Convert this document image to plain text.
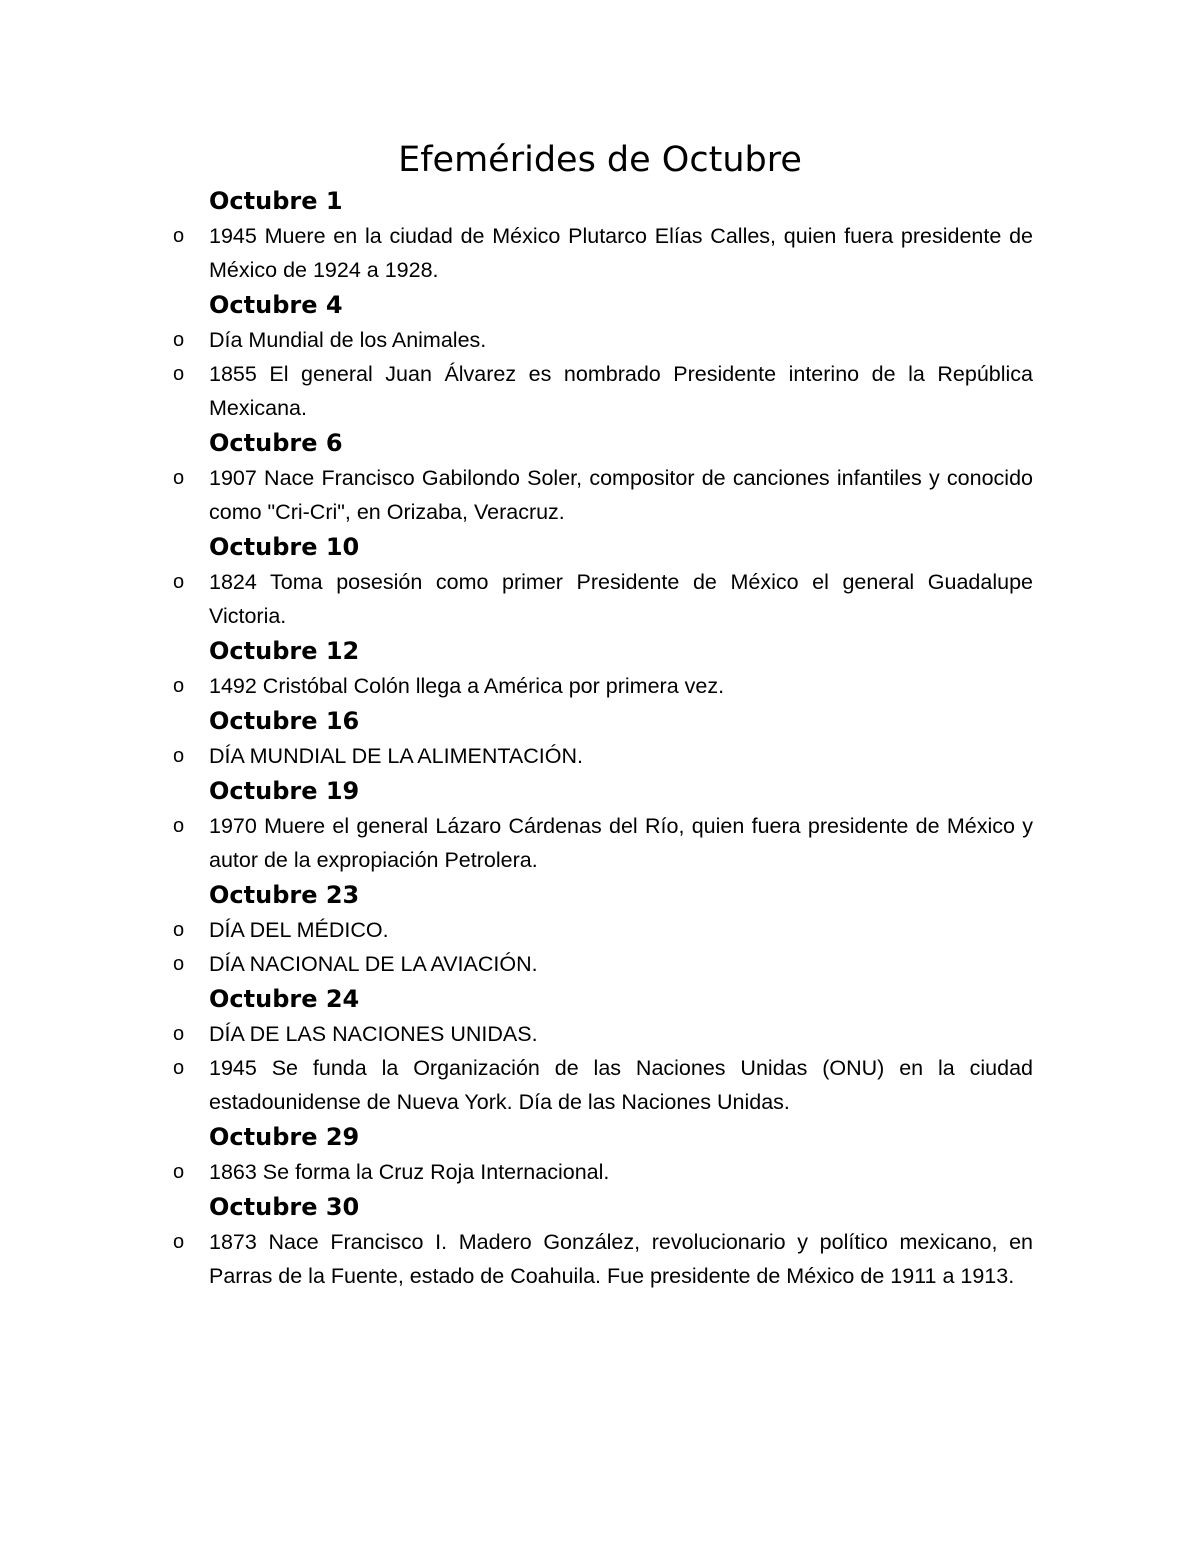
Efemérides de Octubre
Octubre 1
o 1945 Muere en la ciudad de México Plutarco Elías Calles, quien fuera presidente de México de 1924 a 1928.
Octubre 4
o Día Mundial de los Animales.
o 1855 El general Juan Álvarez es nombrado Presidente interino de la República Mexicana.
Octubre 6
o 1907 Nace Francisco Gabilondo Soler, compositor de canciones infantiles y conocido como "Cri-Cri", en Orizaba, Veracruz.
Octubre 10
o 1824 Toma posesión como primer Presidente de México el general Guadalupe Victoria.
Octubre 12
o 1492 Cristóbal Colón llega a América por primera vez.
Octubre 16
o DÍA MUNDIAL DE LA ALIMENTACIÓN.
Octubre 19
o 1970 Muere el general Lázaro Cárdenas del Río, quien fuera presidente de México y autor de la expropiación Petrolera.
Octubre 23
o DÍA DEL MÉDICO.
o DÍA NACIONAL DE LA AVIACIÓN.
Octubre 24
o DÍA DE LAS NACIONES UNIDAS.
o 1945 Se funda la Organización de las Naciones Unidas (ONU) en la ciudad estadounidense de Nueva York. Día de las Naciones Unidas.
Octubre 29
o 1863 Se forma la Cruz Roja Internacional.
Octubre 30
o 1873 Nace Francisco I. Madero González, revolucionario y político mexicano, en Parras de la Fuente, estado de Coahuila. Fue presidente de México de 1911 a 1913.
